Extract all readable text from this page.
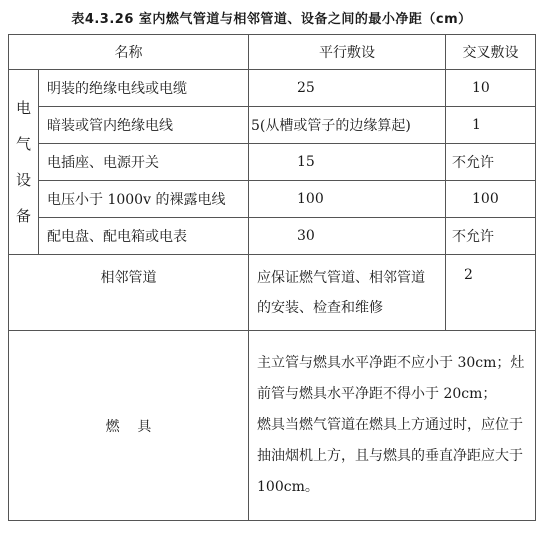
表4.3.26 室内燃气管道与相邻管道、设备之间的最小净距（cm）
名称		平行敷设	交叉敷设

电
气
设
备	明装的绝缘电线或电缆	25	10
	暗装或管内绝缘电线	5(从槽或管子的边缘算起)	1
	电插座、电源开关	15	不允许
	电压小于 1000v 的裸露电线	100	100
	配电盘、配电箱或电表	30	不允许
相邻管道		应保证燃气管道、相邻管道
的安装、检查和维修	2
燃    具		主立管与燃具水平净距不应小于 30cm；灶
前管与燃具水平净距不得小于 20cm；
燃具当燃气管道在燃具上方通过时，应位于
抽油烟机上方，且与燃具的垂直净距应大于
100cm。	
